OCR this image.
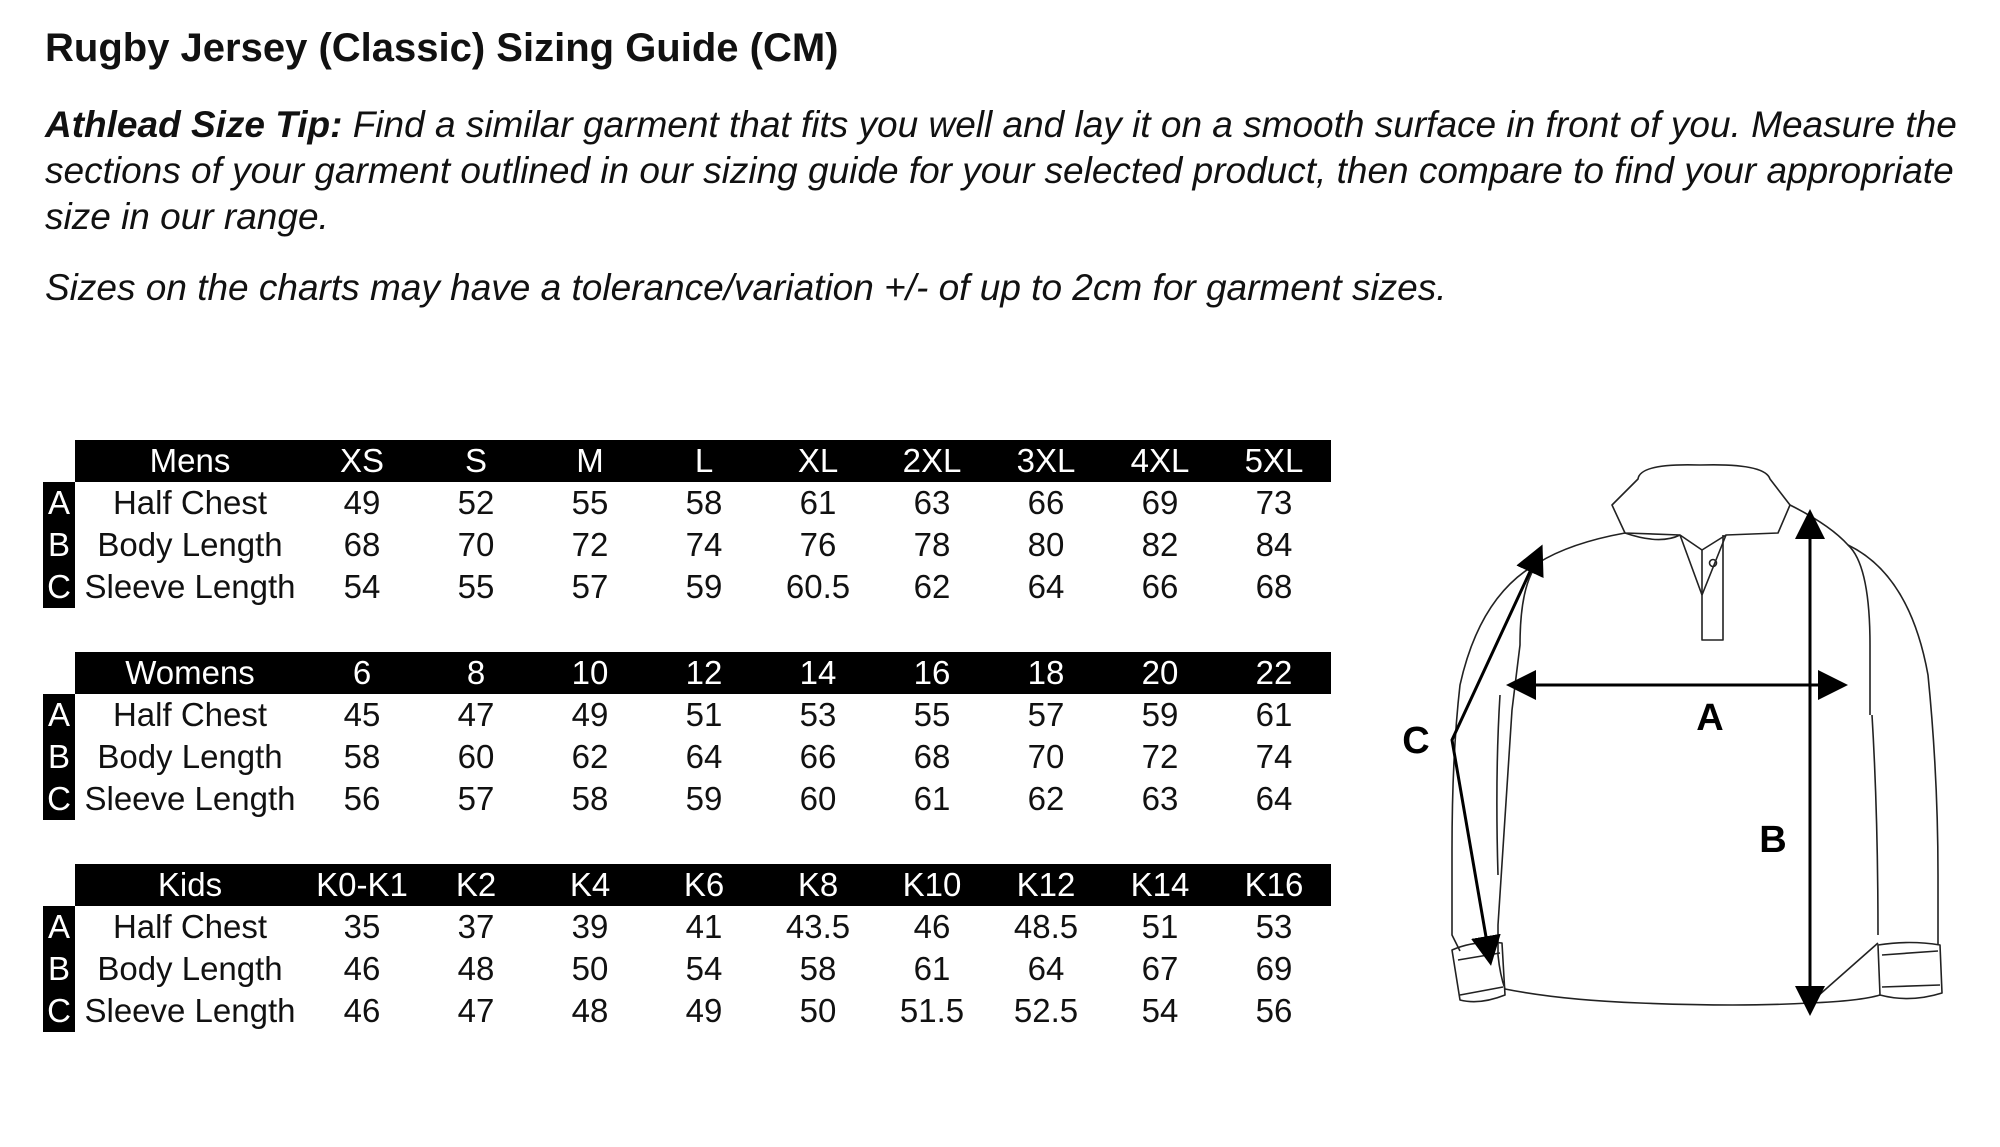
Rugby Jersey (Classic) Sizing Guide (CM)

Athlead Size Tip: Find a similar garment that fits you well and lay it on a smooth surface in front of you. Measure the sections of your garment outlined in our sizing guide for your selected product, then compare to find your appropriate size in our range.

Sizes on the charts may have a tolerance/variation +/- of up to 2cm for garment sizes.

	Mens	XS	S	M	L	XL	2XL	3XL	4XL	5XL
A	Half Chest	49	52	55	58	61	63	66	69	73
B	Body Length	68	70	72	74	76	78	80	82	84
C	Sleeve Length	54	55	57	59	60.5	62	64	66	68
	Womens	6	8	10	12	14	16	18	20	22
A	Half Chest	45	47	49	51	53	55	57	59	61
B	Body Length	58	60	62	64	66	68	70	72	74
C	Sleeve Length	56	57	58	59	60	61	62	63	64
	Kids	K0-K1	K2	K4	K6	K8	K10	K12	K14	K16
A	Half Chest	35	37	39	41	43.5	46	48.5	51	53
B	Body Length	46	48	50	54	58	61	64	67	69
C	Sleeve Length	46	47	48	49	50	51.5	52.5	54	56
A
B
C
